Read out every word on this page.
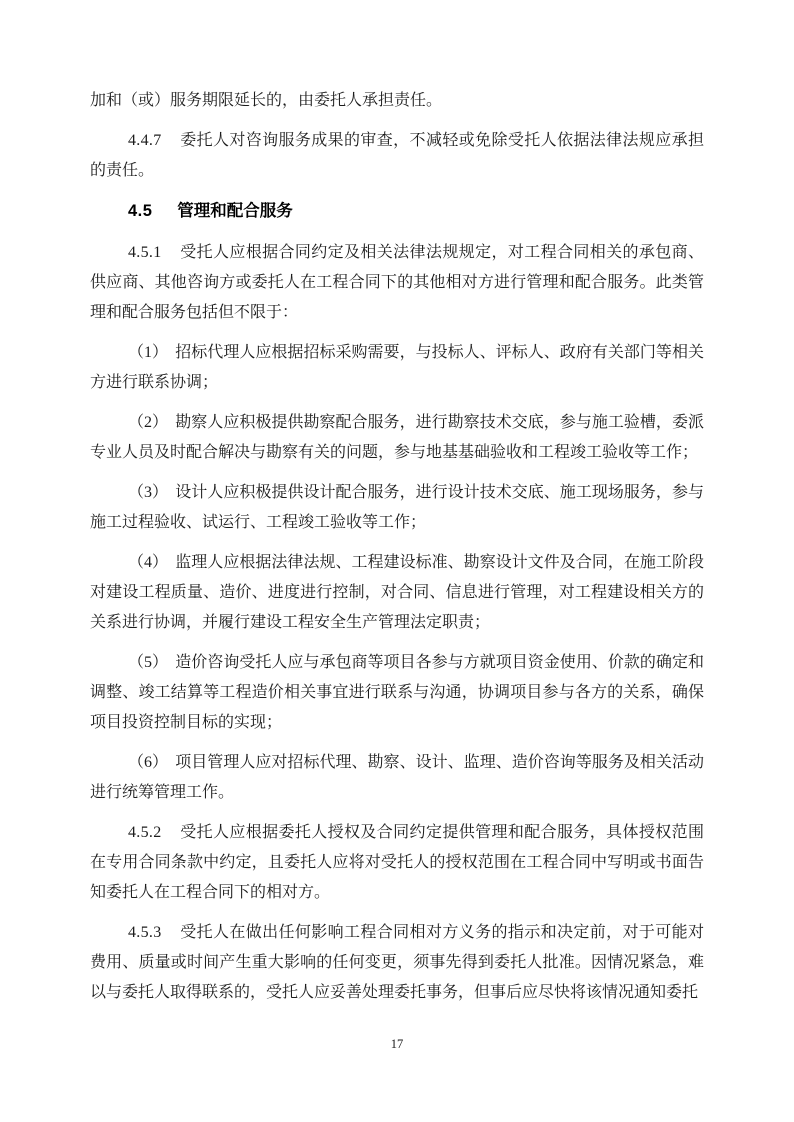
加和（或）服务期限延长的，由委托人承担责任。

4.4.7 委托人对咨询服务成果的审查，不减轻或免除受托人依据法律法规应承担的责任。

4.5 管理和配合服务

4.5.1 受托人应根据合同约定及相关法律法规规定，对工程合同相关的承包商、供应商、其他咨询方或委托人在工程合同下的其他相对方进行管理和配合服务。此类管理和配合服务包括但不限于：

（1） 招标代理人应根据招标采购需要，与投标人、评标人、政府有关部门等相关方进行联系协调；

（2） 勘察人应积极提供勘察配合服务，进行勘察技术交底，参与施工验槽，委派专业人员及时配合解决与勘察有关的问题，参与地基基础验收和工程竣工验收等工作；

（3） 设计人应积极提供设计配合服务，进行设计技术交底、施工现场服务，参与施工过程验收、试运行、工程竣工验收等工作；

（4） 监理人应根据法律法规、工程建设标准、勘察设计文件及合同，在施工阶段对建设工程质量、造价、进度进行控制，对合同、信息进行管理，对工程建设相关方的关系进行协调，并履行建设工程安全生产管理法定职责；

（5） 造价咨询受托人应与承包商等项目各参与方就项目资金使用、价款的确定和调整、竣工结算等工程造价相关事宜进行联系与沟通，协调项目参与各方的关系，确保项目投资控制目标的实现；

（6） 项目管理人应对招标代理、勘察、设计、监理、造价咨询等服务及相关活动进行统筹管理工作。

4.5.2 受托人应根据委托人授权及合同约定提供管理和配合服务，具体授权范围在专用合同条款中约定，且委托人应将对受托人的授权范围在工程合同中写明或书面告知委托人在工程合同下的相对方。

4.5.3 受托人在做出任何影响工程合同相对方义务的指示和决定前，对于可能对费用、质量或时间产生重大影响的任何变更，须事先得到委托人批准。因情况紧急，难以与委托人取得联系的，受托人应妥善处理委托事务，但事后应尽快将该情况通知委托

17
